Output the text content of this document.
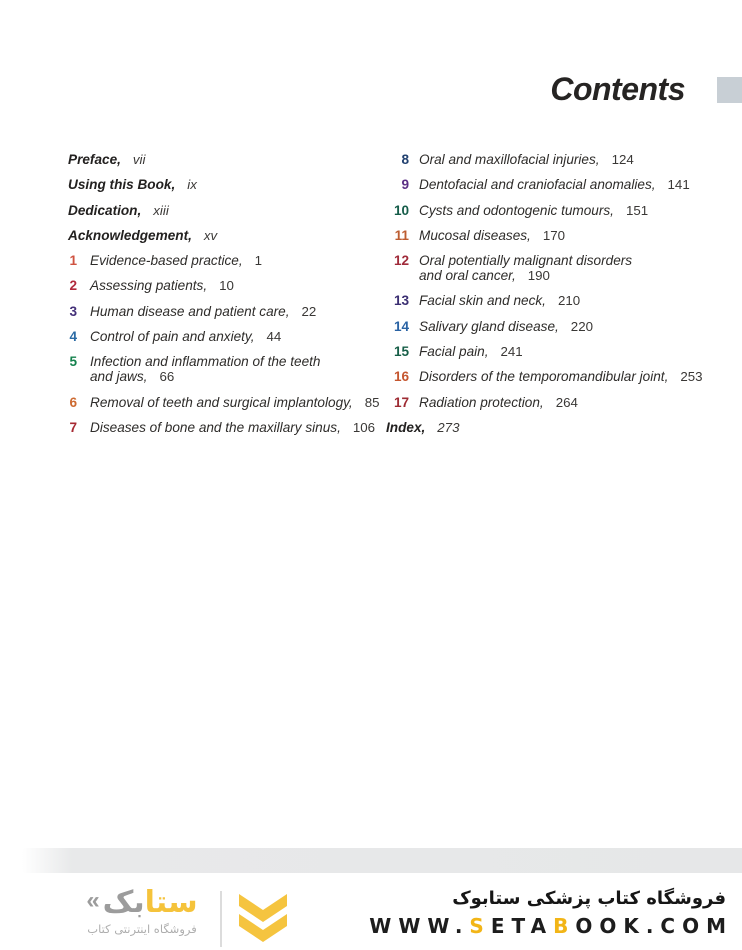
Contents
Preface, vii
Using this Book, ix
Dedication, xiii
Acknowledgement, xv
1 Evidence-based practice, 1
2 Assessing patients, 10
3 Human disease and patient care, 22
4 Control of pain and anxiety, 44
5 Infection and inflammation of the teeth
and jaws, 66
6 Removal of teeth and surgical implantology, 85
7 Diseases of bone and the maxillary sinus, 106
8 Oral and maxillofacial injuries, 124
9 Dentofacial and craniofacial anomalies, 141
10 Cysts and odontogenic tumours, 151
11 Mucosal diseases, 170
12 Oral potentially malignant disorders
and oral cancer, 190
13 Facial skin and neck, 210
14 Salivary gland disease, 220
15 Facial pain, 241
16 Disorders of the temporomandibular joint, 253
17 Radiation protection, 264
Index, 273
« بک ستا
فروشگاه اینترنتی کتاب
فروشگاه کتاب پزشکی ستابوک
WWW.SETABOOK.COM
